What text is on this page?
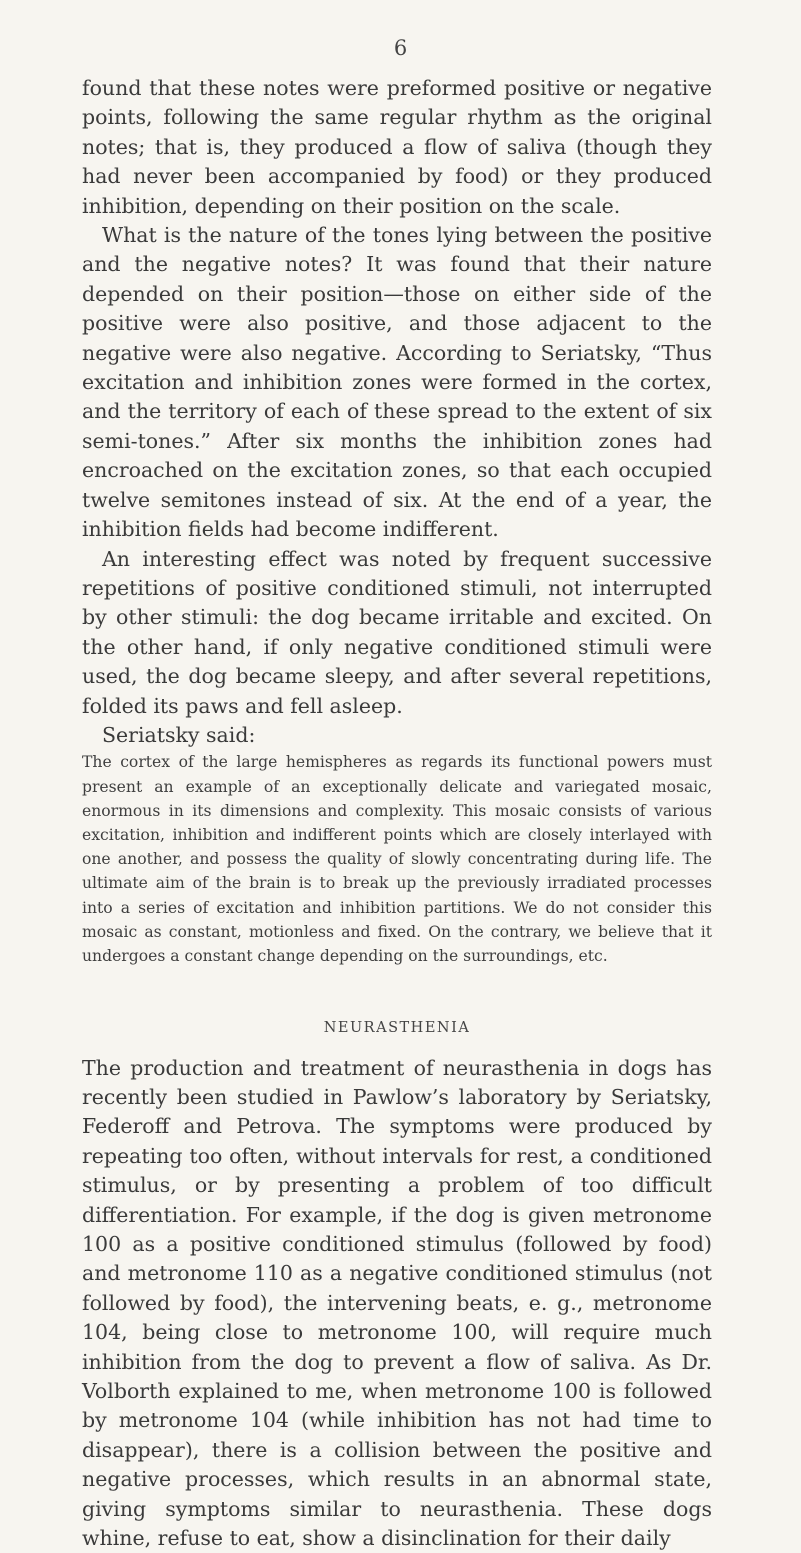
6

found that these notes were preformed positive or negative points, following the same regular rhythm as the original notes; that is, they produced a flow of saliva (though they had never been accompanied by food) or they produced inhibition, depending on their position on the scale.

What is the nature of the tones lying between the positive and the negative notes? It was found that their nature depended on their position—those on either side of the positive were also positive, and those adjacent to the negative were also negative. According to Seriatsky, “Thus excitation and inhibition zones were formed in the cortex, and the territory of each of these spread to the extent of six semi-tones.” After six months the inhibition zones had encroached on the excitation zones, so that each occupied twelve semitones instead of six. At the end of a year, the inhibition fields had become indifferent.

An interesting effect was noted by frequent successive repetitions of positive conditioned stimuli, not interrupted by other stimuli: the dog became irritable and excited. On the other hand, if only negative conditioned stimuli were used, the dog became sleepy, and after several repetitions, folded its paws and fell asleep.

Seriatsky said:

The cortex of the large hemispheres as regards its functional powers must present an example of an exceptionally delicate and variegated mosaic, enormous in its dimensions and complexity. This mosaic consists of various excitation, inhibition and indifferent points which are closely interlayed with one another, and possess the quality of slowly concentrating during life. The ultimate aim of the brain is to break up the previously irradiated processes into a series of excitation and inhibition partitions. We do not consider this mosaic as constant, motionless and fixed. On the contrary, we believe that it undergoes a constant change depending on the surroundings, etc.

NEURASTHENIA

The production and treatment of neurasthenia in dogs has recently been studied in Pawlow’s laboratory by Seriatsky, Federoff and Petrova. The symptoms were produced by repeating too often, without intervals for rest, a conditioned stimulus, or by presenting a problem of too difficult differentiation. For example, if the dog is given metronome 100 as a positive conditioned stimulus (followed by food) and metronome 110 as a negative conditioned stimulus (not followed by food), the intervening beats, e. g., metronome 104, being close to metronome 100, will require much inhibition from the dog to prevent a flow of saliva. As Dr. Volborth explained to me, when metronome 100 is followed by metronome 104 (while inhibition has not had time to disappear), there is a collision between the positive and negative processes, which results in an abnormal state, giving symptoms similar to neurasthenia. These dogs whine, refuse to eat, show a disinclination for their daily
